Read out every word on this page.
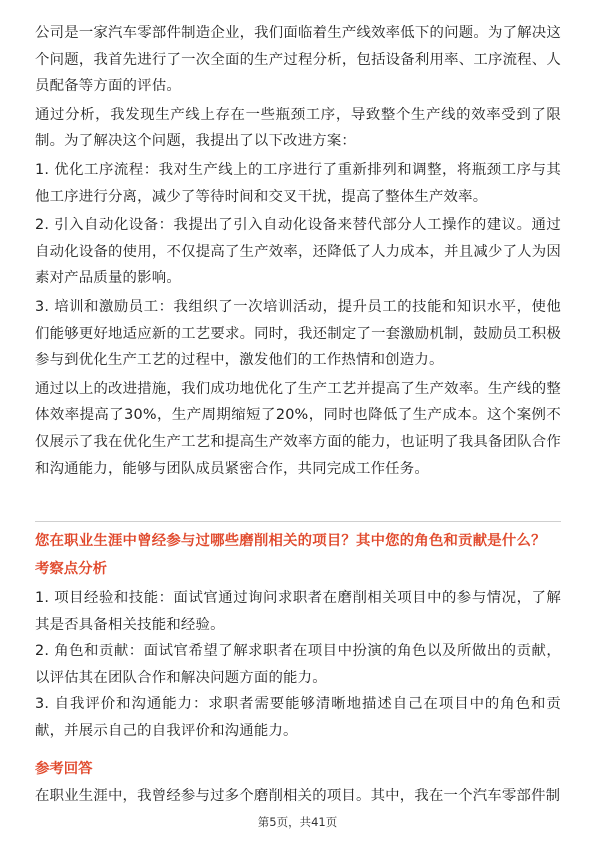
公司是一家汽车零部件制造企业，我们面临着生产线效率低下的问题。为了解决这个问题，我首先进行了一次全面的生产过程分析，包括设备利用率、工序流程、人员配备等方面的评估。

通过分析，我发现生产线上存在一些瓶颈工序，导致整个生产线的效率受到了限制。为了解决这个问题，我提出了以下改进方案：

1. 优化工序流程：我对生产线上的工序进行了重新排列和调整，将瓶颈工序与其他工序进行分离，减少了等待时间和交叉干扰，提高了整体生产效率。

2. 引入自动化设备：我提出了引入自动化设备来替代部分人工操作的建议。通过自动化设备的使用，不仅提高了生产效率，还降低了人力成本，并且减少了人为因素对产品质量的影响。

3. 培训和激励员工：我组织了一次培训活动，提升员工的技能和知识水平，使他们能够更好地适应新的工艺要求。同时，我还制定了一套激励机制，鼓励员工积极参与到优化生产工艺的过程中，激发他们的工作热情和创造力。

通过以上的改进措施，我们成功地优化了生产工艺并提高了生产效率。生产线的整体效率提高了30%，生产周期缩短了20%，同时也降低了生产成本。这个案例不仅展示了我在优化生产工艺和提高生产效率方面的能力，也证明了我具备团队合作和沟通能力，能够与团队成员紧密合作，共同完成工作任务。

您在职业生涯中曾经参与过哪些磨削相关的项目？其中您的角色和贡献是什么？

考察点分析

1. 项目经验和技能：面试官通过询问求职者在磨削相关项目中的参与情况，了解其是否具备相关技能和经验。

2. 角色和贡献：面试官希望了解求职者在项目中扮演的角色以及所做出的贡献，以评估其在团队合作和解决问题方面的能力。

3. 自我评价和沟通能力：求职者需要能够清晰地描述自己在项目中的角色和贡献，并展示自己的自我评价和沟通能力。

参考回答

在职业生涯中，我曾经参与过多个磨削相关的项目。其中，我在一个汽车零部件制

第5页，共41页
